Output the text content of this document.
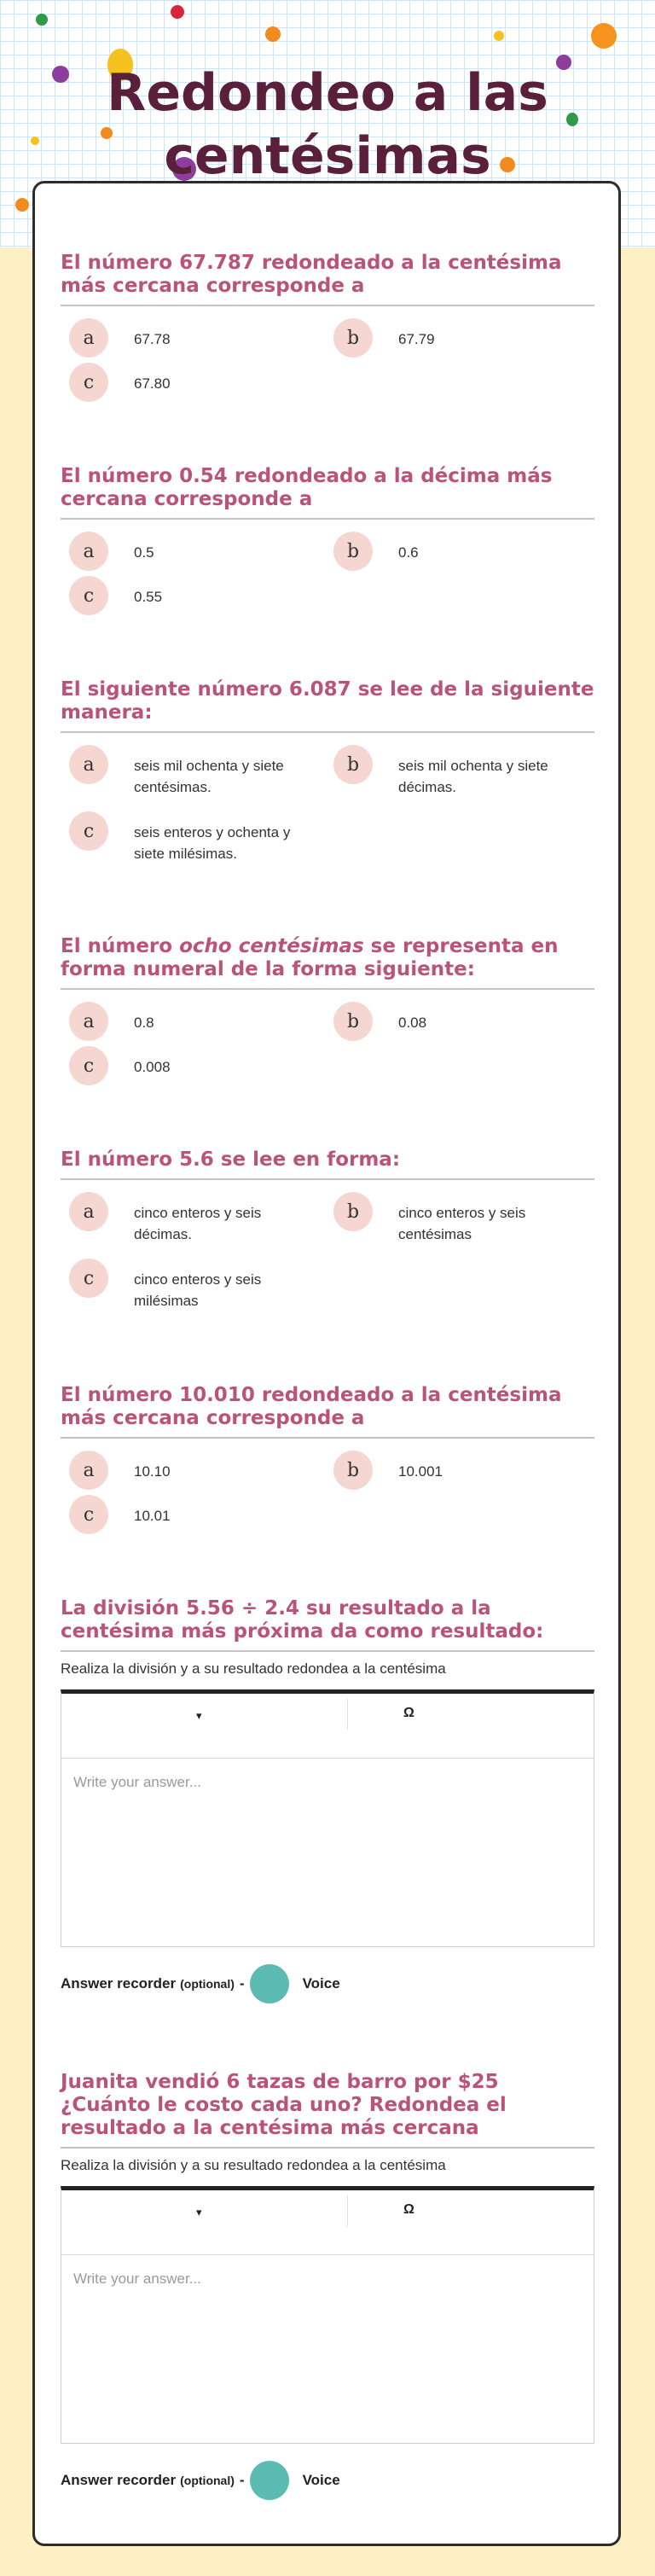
Redondeo a las centésimas
El número 67.787 redondeado a la centésima más cercana corresponde a
a	67.78	b	67.79
c	67.80
El número 0.54 redondeado a la décima más cercana corresponde a
a	0.5	b	0.6
c	0.55
El siguiente número 6.087 se lee de la siguiente manera:
a	seis mil ochenta y siete centésimas.
b	seis mil ochenta y siete décimas.
c	seis enteros y ochenta y siete milésimas.
El número ocho centésimas se representa en forma numeral de la forma siguiente:
a	0.8	b	0.08
c	0.008
El número 5.6 se lee en forma:
a	cinco enteros y seis décimas.
b	cinco enteros y seis centésimas
c	cinco enteros y seis milésimas
El número 10.010 redondeado a la centésima más cercana corresponde a
a	10.10	b	10.001
c	10.01
La división 5.56 ÷ 2.4 su resultado a la centésima más próxima da como resultado:
Realiza la división y a su resultado redondea a la centésima
▾	Ω
Write your answer...
Answer recorder (optional) -	Voice
Juanita vendió 6 tazas de barro por $25 ¿Cuánto le costo cada uno? Redondea el resultado a la centésima más cercana
Realiza la división y a su resultado redondea a la centésima
▾	Ω
Write your answer...
Answer recorder (optional) -	Voice
